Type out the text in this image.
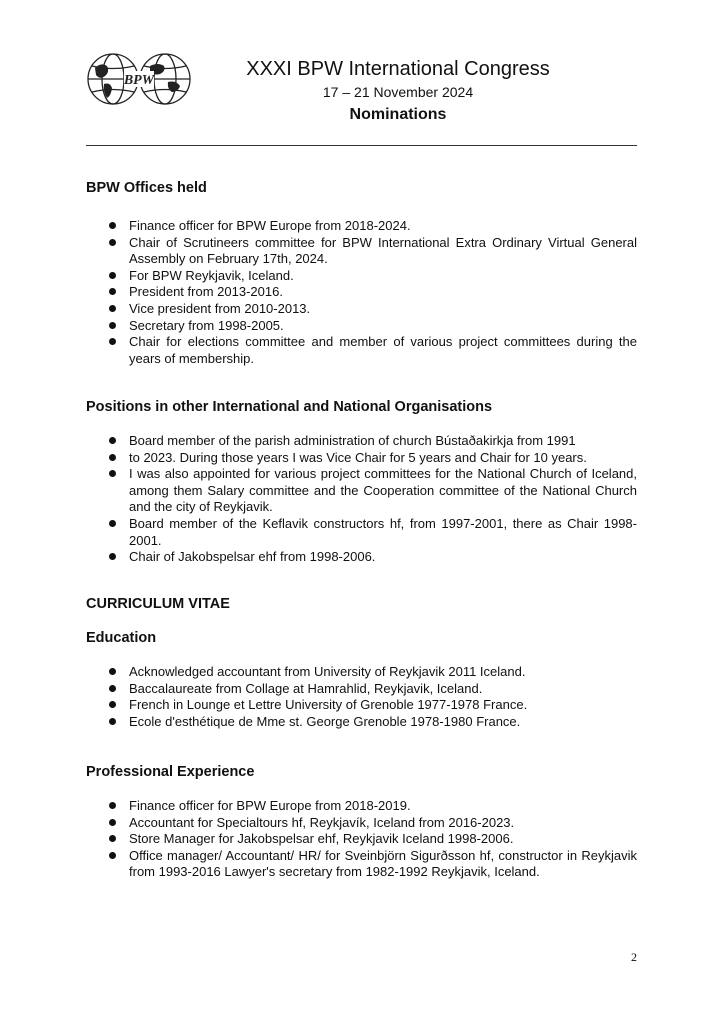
BPW
XXXI BPW International Congress
17 – 21 November 2024
Nominations
BPW Offices held
Finance officer for BPW Europe from 2018-2024.
Chair of Scrutineers committee for BPW International Extra Ordinary Virtual General Assembly on February 17th, 2024.
For BPW Reykjavik, Iceland.
President from 2013-2016.
Vice president from 2010-2013.
Secretary from 1998-2005.
Chair for elections committee and member of various project committees during the years of membership.
Positions in other International and National Organisations
Board member of the parish administration of church Bústaðakirkja from 1991
to 2023. During those years I was Vice Chair for 5 years and Chair for 10 years.
I was also appointed for various project committees for the National Church of Iceland, among them Salary committee and the Cooperation committee of the National Church and the city of Reykjavik.
Board member of the Keflavik constructors hf, from 1997-2001, there as Chair 1998-2001.
Chair of Jakobspelsar ehf from 1998-2006.
CURRICULUM VITAE
Education
Acknowledged accountant from University of Reykjavik 2011 Iceland.
Baccalaureate from Collage at Hamrahlid, Reykjavik, Iceland.
French in Lounge et Lettre University of Grenoble 1977-1978 France.
Ecole d'esthétique de Mme st. George Grenoble 1978-1980 France.
Professional Experience
Finance officer for BPW Europe from 2018-2019.
Accountant for Specialtours hf, Reykjavík, Iceland from 2016-2023.
Store Manager for Jakobspelsar ehf, Reykjavik Iceland 1998-2006.
Office manager/ Accountant/ HR/ for Sveinbjörn Sigurðsson hf, constructor in Reykjavik from 1993-2016 Lawyer's secretary from 1982-1992 Reykjavik, Iceland.
2
